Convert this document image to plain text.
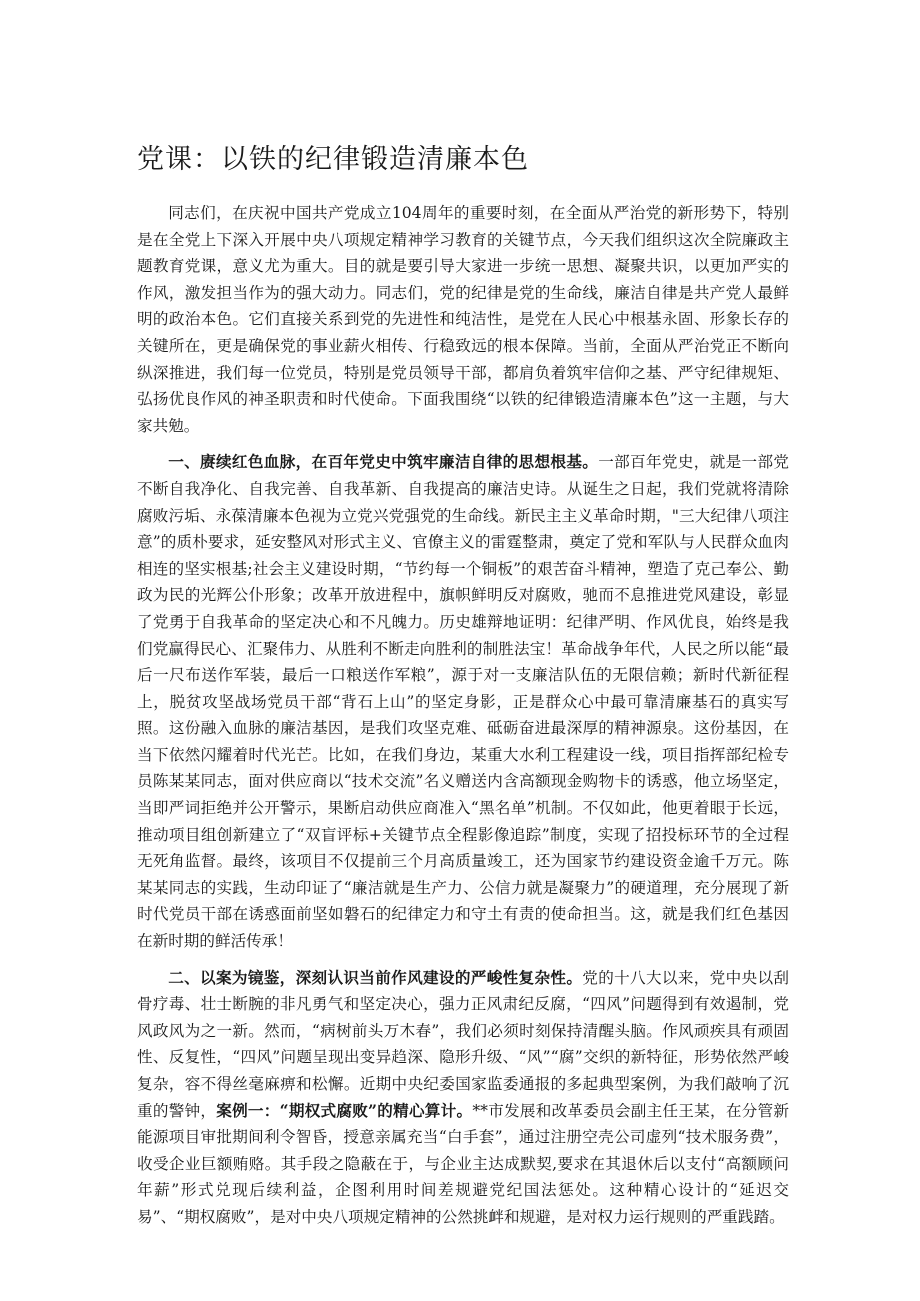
党课：以铁的纪律锻造清廉本色

同志们，在庆祝中国共产党成立104周年的重要时刻，在全面从严治党的新形势下，特别是在全党上下深入开展中央八项规定精神学习教育的关键节点，今天我们组织这次全院廉政主题教育党课，意义尤为重大。目的就是要引导大家进一步统一思想、凝聚共识，以更加严实的作风，激发担当作为的强大动力。同志们，党的纪律是党的生命线，廉洁自律是共产党人最鲜明的政治本色。它们直接关系到党的先进性和纯洁性，是党在人民心中根基永固、形象长存的关键所在，更是确保党的事业薪火相传、行稳致远的根本保障。当前，全面从严治党正不断向纵深推进，我们每一位党员，特别是党员领导干部，都肩负着筑牢信仰之基、严守纪律规矩、弘扬优良作风的神圣职责和时代使命。下面我围绕“以铁的纪律锻造清廉本色”这一主题，与大家共勉。

一、赓续红色血脉，在百年党史中筑牢廉洁自律的思想根基。一部百年党史，就是一部党不断自我净化、自我完善、自我革新、自我提高的廉洁史诗。从诞生之日起，我们党就将清除腐败污垢、永葆清廉本色视为立党兴党强党的生命线。新民主主义革命时期，"三大纪律八项注意”的质朴要求，延安整风对形式主义、官僚主义的雷霆整肃，奠定了党和军队与人民群众血肉相连的坚实根基;社会主义建设时期，“节约每一个铜板”的艰苦奋斗精神，塑造了克己奉公、勤政为民的光辉公仆形象；改革开放进程中，旗帜鲜明反对腐败，驰而不息推进党风建设，彰显了党勇于自我革命的坚定决心和不凡魄力。历史雄辩地证明：纪律严明、作风优良，始终是我们党赢得民心、汇聚伟力、从胜利不断走向胜利的制胜法宝！革命战争年代，人民之所以能“最后一尺布送作军装，最后一口粮送作军粮”，源于对一支廉洁队伍的无限信赖；新时代新征程上，脱贫攻坚战场党员干部“背石上山”的坚定身影，正是群众心中最可靠清廉基石的真实写照。这份融入血脉的廉洁基因，是我们攻坚克难、砥砺奋进最深厚的精神源泉。这份基因，在当下依然闪耀着时代光芒。比如，在我们身边，某重大水利工程建设一线，项目指挥部纪检专员陈某某同志，面对供应商以“技术交流”名义赠送内含高额现金购物卡的诱惑，他立场坚定，当即严词拒绝并公开警示，果断启动供应商准入“黑名单”机制。不仅如此，他更着眼于长远，推动项目组创新建立了“双盲评标+关键节点全程影像追踪”制度，实现了招投标环节的全过程无死角监督。最终，该项目不仅提前三个月高质量竣工，还为国家节约建设资金逾千万元。陈某某同志的实践，生动印证了“廉洁就是生产力、公信力就是凝聚力”的硬道理，充分展现了新时代党员干部在诱惑面前坚如磐石的纪律定力和守土有责的使命担当。这，就是我们红色基因在新时期的鲜活传承！

二、以案为镜鉴，深刻认识当前作风建设的严峻性复杂性。党的十八大以来，党中央以刮骨疗毒、壮士断腕的非凡勇气和坚定决心，强力正风肃纪反腐，“四风”问题得到有效遏制，党风政风为之一新。然而，“病树前头万木春”，我们必须时刻保持清醒头脑。作风顽疾具有顽固性、反复性，“四风”问题呈现出变异趋深、隐形升级、“风”“腐”交织的新特征，形势依然严峻复杂，容不得丝毫麻痹和松懈。近期中央纪委国家监委通报的多起典型案例，为我们敲响了沉重的警钟，案例一：“期权式腐败”的精心算计。**市发展和改革委员会副主任王某，在分管新能源项目审批期间利令智昏，授意亲属充当“白手套”，通过注册空壳公司虚列“技术服务费”，收受企业巨额贿赂。其手段之隐蔽在于，与企业主达成默契,要求在其退休后以支付“高额顾问年薪”形式兑现后续利益，企图利用时间差规避党纪国法惩处。这种精心设计的“延迟交易”、“期权腐败”，是对中央八项规定精神的公然挑衅和规避，是对权力运行规则的严重践踏。
